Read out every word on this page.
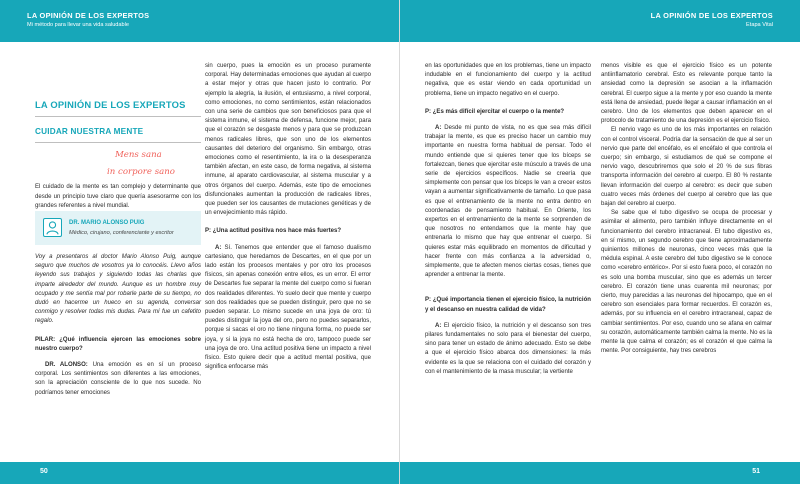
LA OPINIÓN DE LOS EXPERTOS
Mi método para llevar una vida saludable
LA OPINIÓN DE LOS EXPERTOS
CUIDAR NUESTRA MENTE
Mens sana
in corpore sano

El cuidado de la mente es tan complejo y determinante que desde un principio tuve claro que quería asesorarme con los grandes referentes a nivel mundial.

DR. MARIO ALONSO PUIG
Médico, cirujano, conferenciante y escritor

Voy a presentaros al doctor Mario Alonso Puig, aunque seguro que muchos de vosotros ya lo conocéis. Llevo años leyendo sus trabajos y siguiendo todas las charlas que imparte alrededor del mundo. Aunque es un hombre muy ocupado y me sentía mal por robarle parte de su tiempo, no dudó en hacerme un hueco en su agenda, conversar conmigo y resolver todas mis dudas. Para mí fue un cafetito regalo.

PILAR: ¿Qué influencia ejercen las emociones sobre nuestro cuerpo?

DR. ALONSO: Una emoción es en sí un proceso corporal. Los sentimientos son diferentes a las emociones, son la apreciación consciente de lo que nos sucede. No podríamos tener emociones

sin cuerpo, pues la emoción es un proceso puramente corporal. Hay determinadas emociones que ayudan al cuerpo a estar mejor y otras que hacen justo lo contrario. Por ejemplo la alegría, la ilusión, el entusiasmo, a nivel corporal, como emociones, no como sentimientos, están relacionados con una serie de cambios que son beneficiosos para que el sistema inmune, el sistema de defensa, funcione mejor, para que el corazón se desgaste menos y para que se produzcan menos radicales libres, que son uno de los elementos causantes del deterioro del organismo. Sin embargo, otras emociones como el resentimiento, la ira o la desesperanza también afectan, en este caso, de forma negativa, al sistema inmune, al aparato cardiovascular, al sistema muscular y a otros órganos del cuerpo. Además, este tipo de emociones disfuncionales aumentan la producción de radicales libres, que pueden ser los causantes de mutaciones genéticas y de un envejecimiento más rápido.

P: ¿Una actitud positiva nos hace más fuertes?

A: Sí. Tenemos que entender que el famoso dualismo cartesiano, que heredamos de Descartes, en el que por un lado están los procesos mentales y por otro los procesos físicos, sin apenas conexión entre ellos, es un error. El error de Descartes fue separar la mente del cuerpo como si fueran dos realidades diferentes. Yo suelo decir que mente y cuerpo son dos realidades que se pueden distinguir, pero que no se pueden separar. Lo mismo sucede en una joya de oro: tú puedes distinguir la joya del oro, pero no puedes separarlos, porque si sacas el oro no tiene ninguna forma, no puede ser joya, y si la joya no está hecha de oro, tampoco puede ser una joya de oro. Una actitud positiva tiene un impacto a nivel físico. Esto quiere decir que a actitud mental positiva, que significa enfocarse más

50
LA OPINIÓN DE LOS EXPERTOS
Etapa Vital

en las oportunidades que en los problemas, tiene un impacto indudable en el funcionamiento del cuerpo y la actitud negativa, que es estar viendo en cada oportunidad un problema, tiene un impacto negativo en el cuerpo.

P: ¿Es más difícil ejercitar el cuerpo o la mente?

A: Desde mi punto de vista, no es que sea más difícil trabajar la mente, es que es preciso hacer un cambio muy importante en nuestra forma habitual de pensar. Todo el mundo entiende que si quieres tener que los bíceps se fortalezcan, tienes que ejercitar este músculo a través de una serie de ejercicios específicos. Nadie se creería que simplemente con pensar que los bíceps le van a crecer estos vayan a aumentar significativamente de tamaño. Lo que pasa es que el entrenamiento de la mente no entra dentro en coordenadas de pensamiento habitual. En Oriente, los expertos en el entrenamiento de la mente se sorprenden de que nosotros no entendamos que la mente hay que entrenarla lo mismo que hay que entrenar el cuerpo. Si quieres estar más equilibrado en momentos de dificultad y hacer frente con más confianza a la adversidad o, simplemente, que te afecten menos ciertas cosas, tienes que aprender a entrenar la mente.

P: ¿Qué importancia tienen el ejercicio físico, la nutrición y el descanso en nuestra calidad de vida?

A: El ejercicio físico, la nutrición y el descanso son tres pilares fundamentales no solo para el bienestar del cuerpo, sino para tener un estado de ánimo adecuado. Esto se debe a que el ejercicio físico abarca dos dimensiones: la más evidente es la que se relaciona con el cuidado del corazón y con el mantenimiento de la masa muscular; la vertiente

menos visible es que el ejercicio físico es un potente antiinflamatorio cerebral. Esto es relevante porque tanto la ansiedad como la depresión se asocian a la inflamación cerebral. El cuerpo sigue a la mente y por eso cuando la mente está llena de ansiedad, puede llegar a causar inflamación en el cerebro. Uno de los elementos que deben aparecer en el protocolo de tratamiento de una depresión es el ejercicio físico.

El nervio vago es uno de los más importantes en relación con el control visceral. Podría dar la sensación de que al ser un nervio que parte del encéfalo, es el encéfalo el que controla el cuerpo; sin embargo, si estudiamos de qué se compone el nervio vago, descubriremos que solo el 20 % de sus fibras transporta información del cerebro al cuerpo. El 80 % restante llevan información del cuerpo al cerebro: es decir que suben cuatro veces más órdenes del cuerpo al cerebro que las que bajan del cerebro al cuerpo.

Se sabe que el tubo digestivo se ocupa de procesar y asimilar el alimento, pero también influye directamente en el funcionamiento del cerebro intracraneal. El tubo digestivo es, en sí mismo, un segundo cerebro que tiene aproximadamente quinientos millones de neuronas, cinco veces más que la médula espinal. A este cerebro del tubo digestivo se le conoce como «cerebro entérico». Por si esto fuera poco, el corazón no es solo una bomba muscular, sino que es además un tercer cerebro. El corazón tiene unas cuarenta mil neuronas; por cierto, muy parecidas a las neuronas del hipocampo, que en el cerebro son esenciales para formar recuerdos. El corazón es, además, por su influencia en el cerebro intracraneal, capaz de cambiar sentimientos. Por eso, cuando uno se afana en calmar su corazón, automáticamente también calma la mente. No es la mente la que calma el corazón; es el corazón el que calma la mente. Por consiguiente, hay tres cerebros

51
